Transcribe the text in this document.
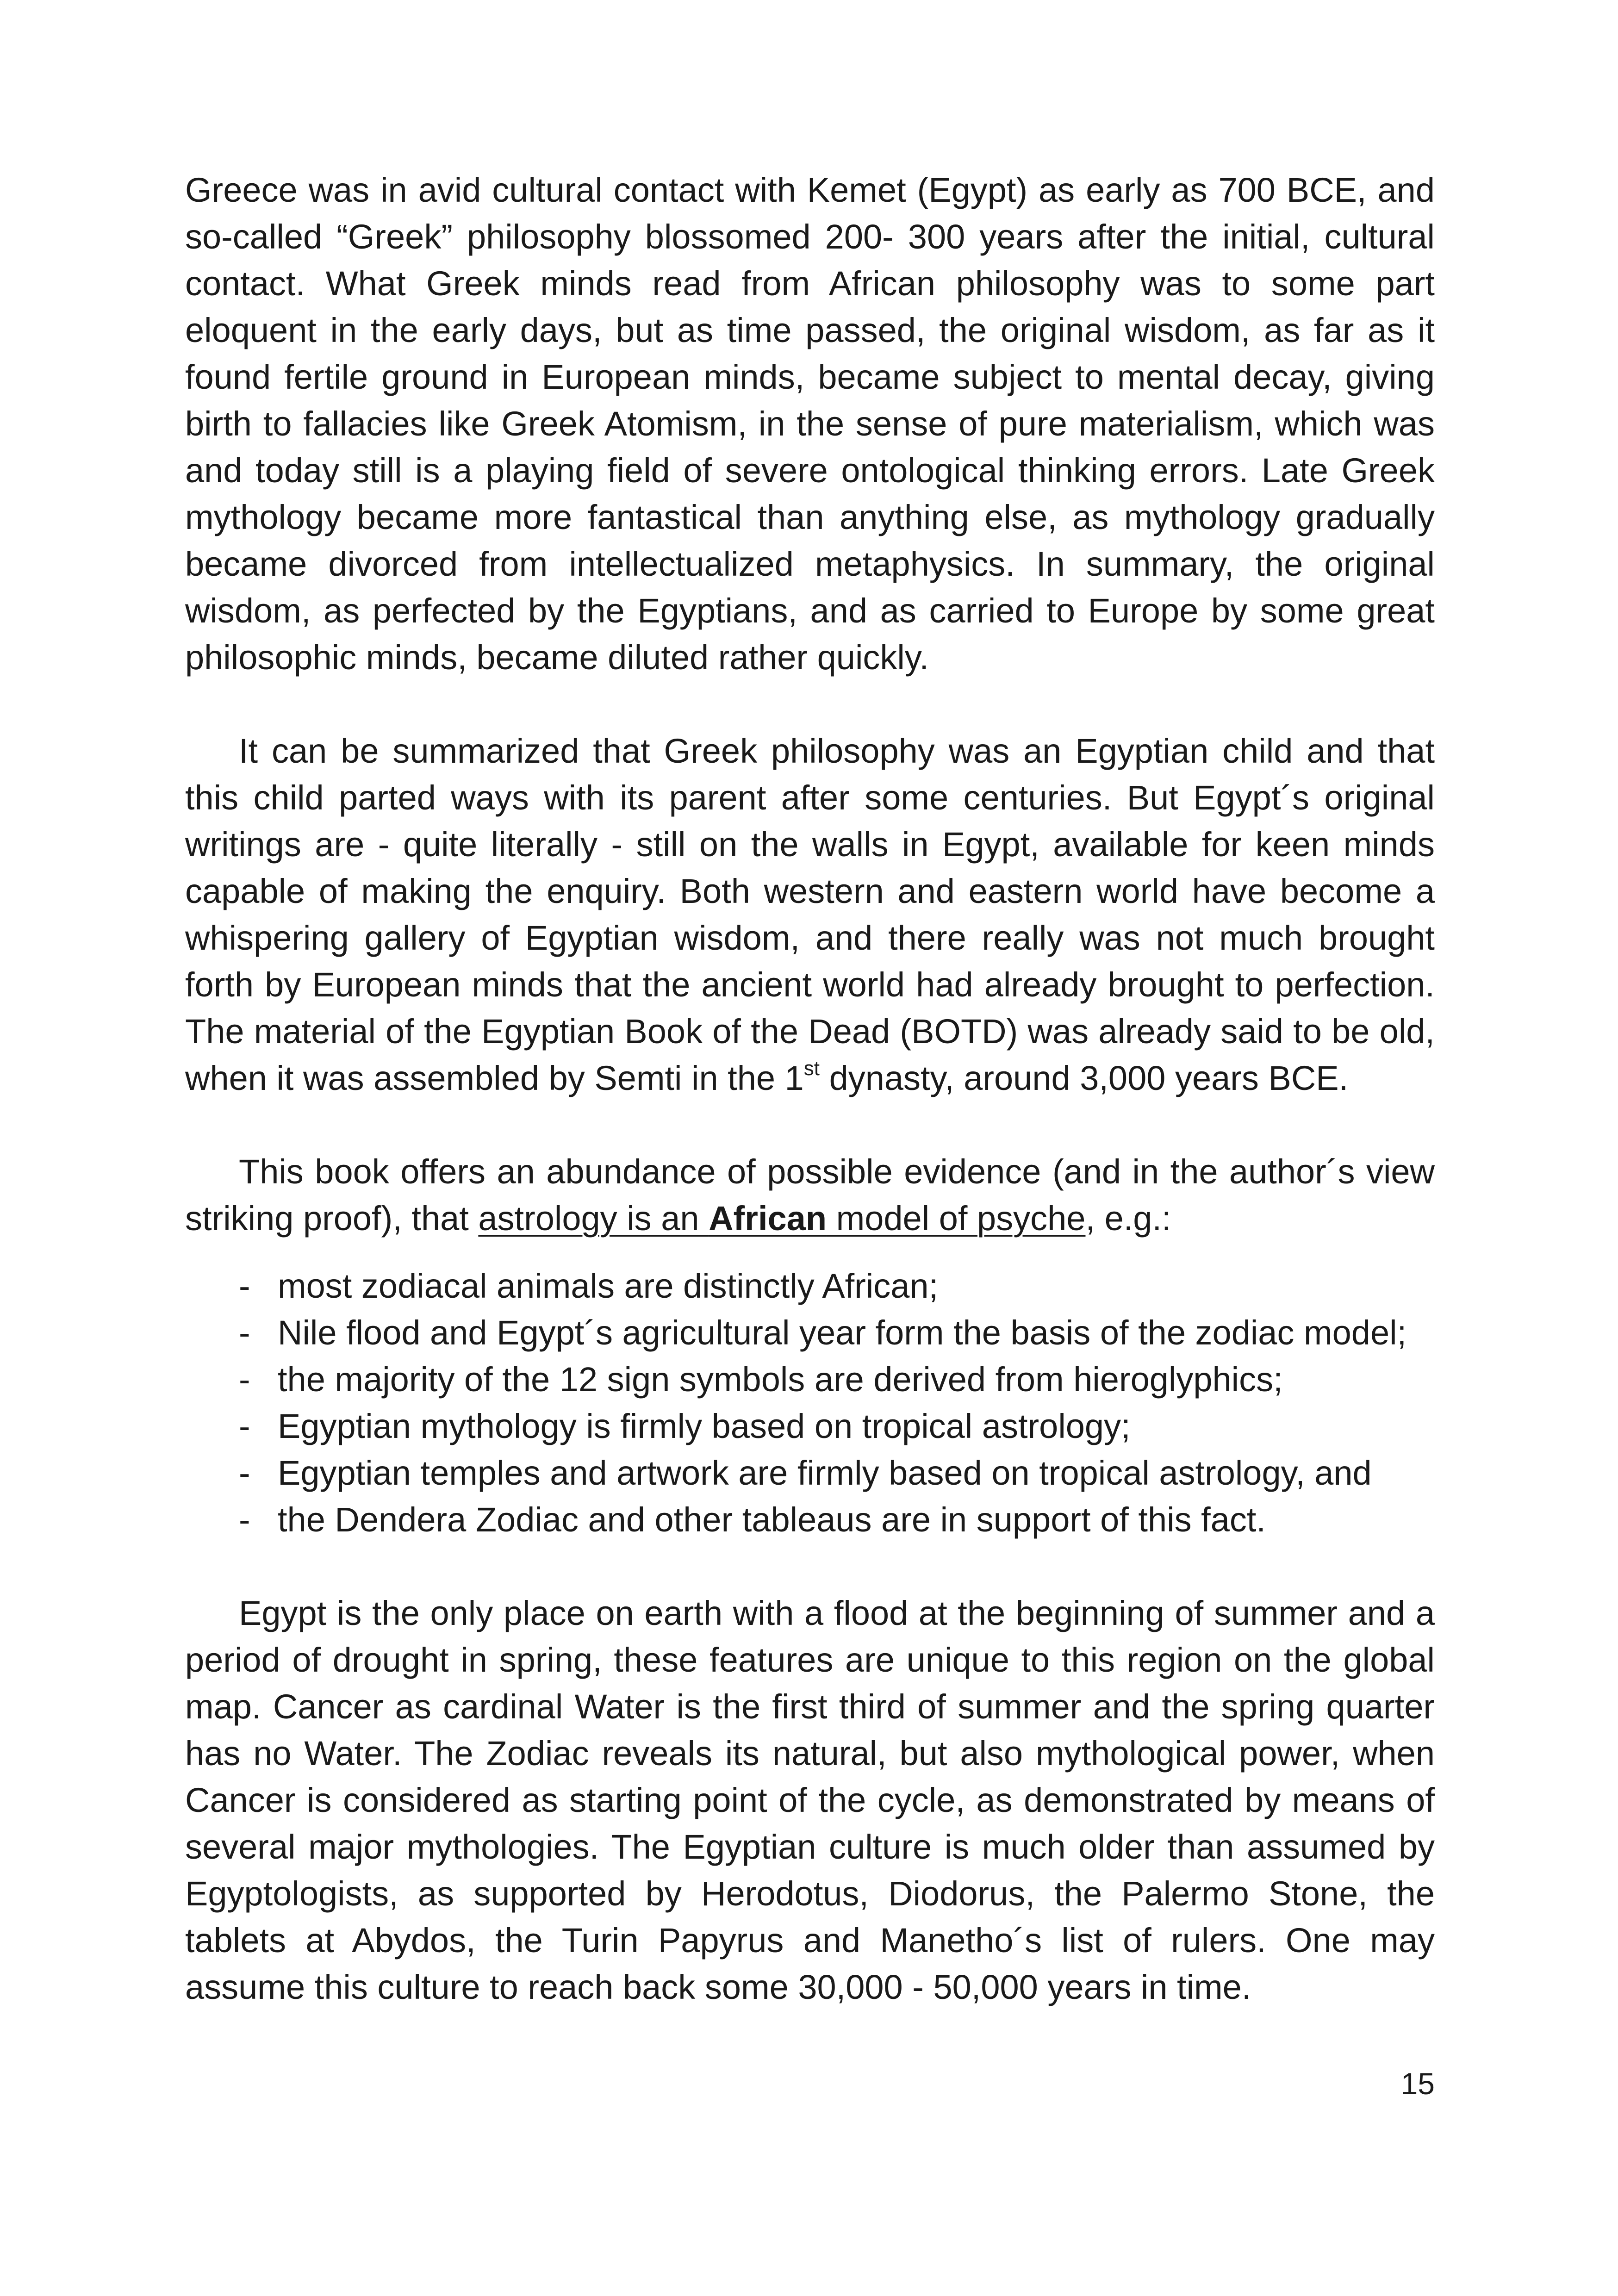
Greece was in avid cultural contact with Kemet (Egypt) as early as 700 BCE, and so-called “Greek” philosophy blossomed 200- 300 years after the initial, cultural contact. What Greek minds read from African philosophy was to some part eloquent in the early days, but as time passed, the original wisdom, as far as it found fertile ground in European minds, became subject to mental decay, giving birth to fallacies like Greek Atomism, in the sense of pure materialism, which was and today still is a playing field of severe ontological thinking errors. Late Greek mythology became more fantastical than anything else, as mythology gradually became divorced from intellectualized metaphysics. In summary, the original wisdom, as perfected by the Egyptians, and as carried to Europe by some great philosophic minds, became diluted rather quickly.

It can be summarized that Greek philosophy was an Egyptian child and that this child parted ways with its parent after some centuries. But Egypt´s original writings are - quite literally - still on the walls in Egypt, available for keen minds capable of making the enquiry. Both western and eastern world have become a whispering gallery of Egyptian wisdom, and there really was not much brought forth by European minds that the ancient world had already brought to perfection. The material of the Egyptian Book of the Dead (BOTD) was already said to be old, when it was assembled by Semti in the 1st dynasty, around 3,000 years BCE.

This book offers an abundance of possible evidence (and in the author´s view striking proof), that astrology is an African model of psyche, e.g.:

- most zodiacal animals are distinctly African;
- Nile flood and Egypt´s agricultural year form the basis of the zodiac model;
- the majority of the 12 sign symbols are derived from hieroglyphics;
- Egyptian mythology is firmly based on tropical astrology;
- Egyptian temples and artwork are firmly based on tropical astrology, and
- the Dendera Zodiac and other tableaus are in support of this fact.

Egypt is the only place on earth with a flood at the beginning of summer and a period of drought in spring, these features are unique to this region on the global map. Cancer as cardinal Water is the first third of summer and the spring quarter has no Water. The Zodiac reveals its natural, but also mythological power, when Cancer is considered as starting point of the cycle, as demonstrated by means of several major mythologies. The Egyptian culture is much older than assumed by Egyptologists, as supported by Herodotus, Diodorus, the Palermo Stone, the tablets at Abydos, the Turin Papyrus and Manetho´s list of rulers. One may assume this culture to reach back some 30,000 - 50,000 years in time.

15
